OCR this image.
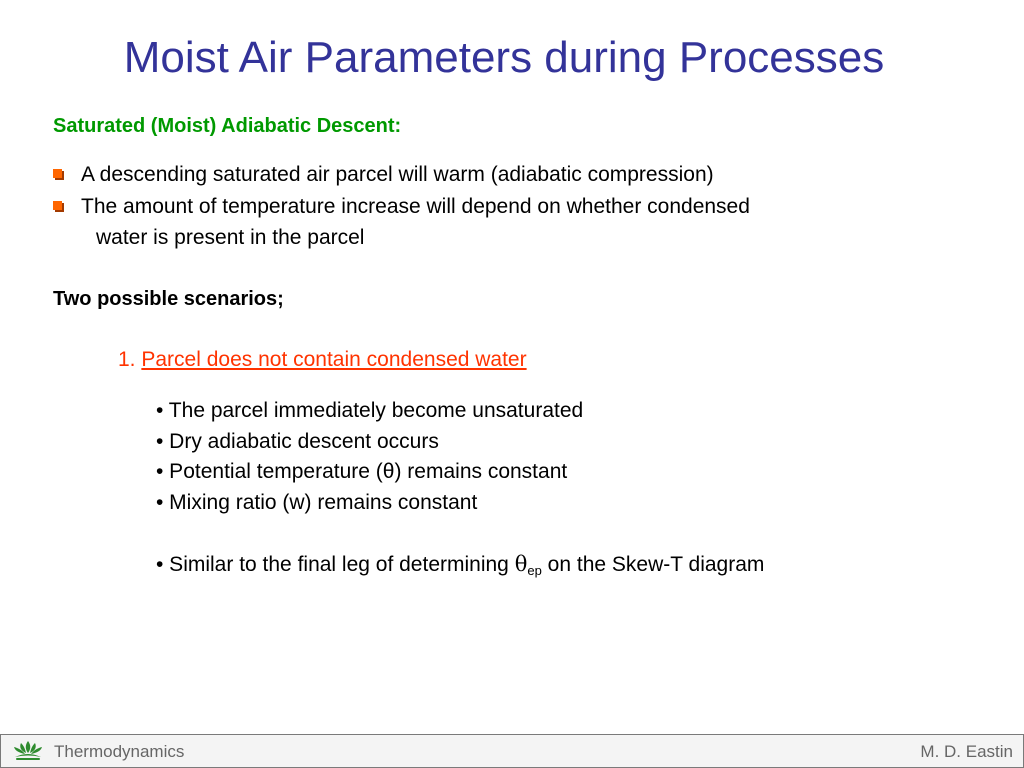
Moist Air Parameters during Processes
Saturated (Moist) Adiabatic Descent:
A descending saturated air parcel will warm (adiabatic compression)
The amount of temperature increase will depend on whether condensed
water is present in the parcel
Two possible scenarios;
1. Parcel does not contain condensed water
• The parcel immediately become unsaturated
• Dry adiabatic descent occurs
• Potential temperature (θ) remains constant
• Mixing ratio (w) remains constant
• Similar to the final leg of determining $\theta_{ep}$ on the Skew-T diagram
Thermodynamics	M. D. Eastin
